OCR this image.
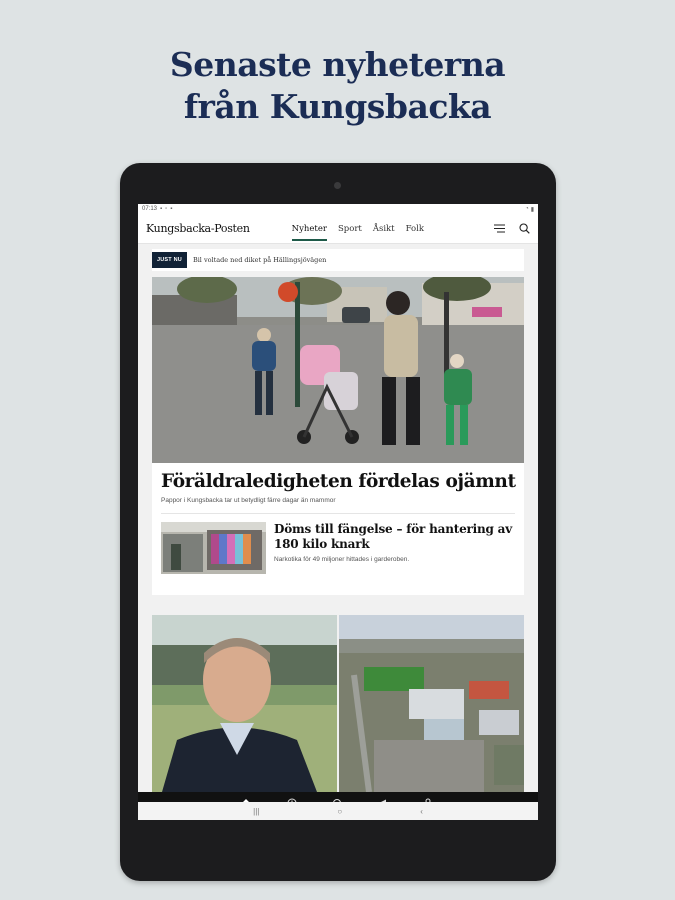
Senaste nyheterna
från Kungsbacka
07:13 ▪ ▫ ▪	◔ ▮
Kungsbacka-Posten	Nyheter Sport Åsikt Folk
JUST NU	Bil voltade ned diket på Hällingsjövägen
Föräldraledigheten fördelas ojämnt
Pappor i Kungsbacka tar ut betydligt färre dagar än mammor
Döms till fängelse – för hantering av 180 kilo knark
Narkotika för 49 miljoner hittades i garderoben.
|||	○	‹
